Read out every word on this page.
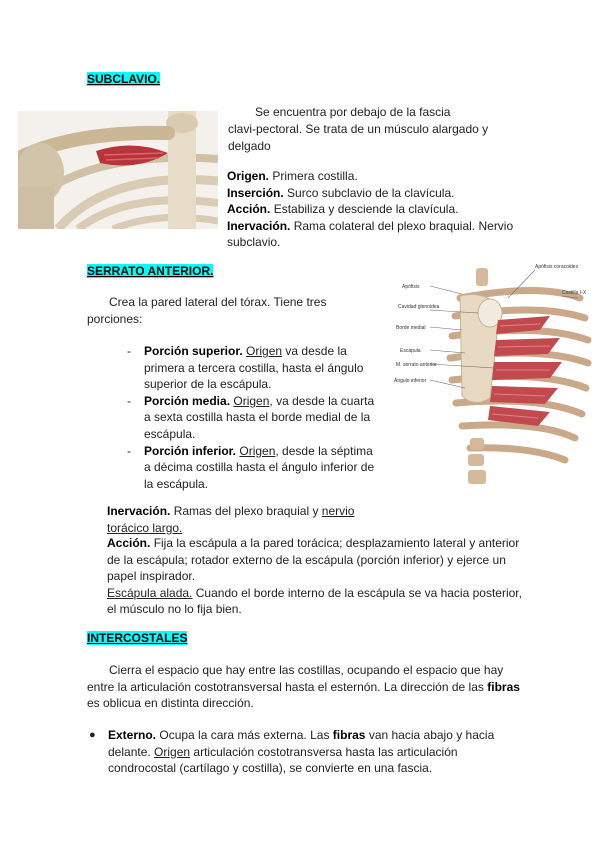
SUBCLAVIO.

Se encuentra por debajo de la fascia

clavi-pectoral. Se trata de un músculo alargado y

delgado

Origen. Primera costilla.

Inserción. Surco subclavio de la clavícula.

Acción. Estabiliza y desciende la clavícula.

Inervación. Rama colateral del plexo braquial. Nervio

subclavio.

SERRATO ANTERIOR.

Crea la pared lateral del tórax. Tiene tres

porciones:

- Porción superior. Origen va desde la

primera a tercera costilla, hasta el ángulo

superior de la escápula.

- Porción media. Origen, va desde la cuarta

a sexta costilla hasta el borde medial de la

escápula.

- Porción inferior. Origen, desde la séptima

a décima costilla hasta el ángulo inferior de

la escápula.

Apófisis coracoides
Costilla I-X
Apófisis
Cavidad glenoidea
Borde medial
Escápula
M. serrato anterior
Ángulo inferior

Inervación. Ramas del plexo braquial y nervio

torácico largo.

Acción. Fija la escápula a la pared torácica; desplazamiento lateral y anterior

de la escápula; rotador externo de la escápula (porción inferior) y ejerce un

papel inspirador.

Escápula alada. Cuando el borde interno de la escápula se va hacia posterior,

el músculo no lo fija bien.

INTERCOSTALES

Cierra el espacio que hay entre las costillas, ocupando el espacio que hay

entre la articulación costotransversal hasta el esternón. La dirección de las fibras

es oblicua en distinta dirección.

● Externo. Ocupa la cara más externa. Las fibras van hacia abajo y hacia

delante. Origen articulación costotransversa hasta las articulación

condrocostal (cartílago y costilla), se convierte en una fascia.
